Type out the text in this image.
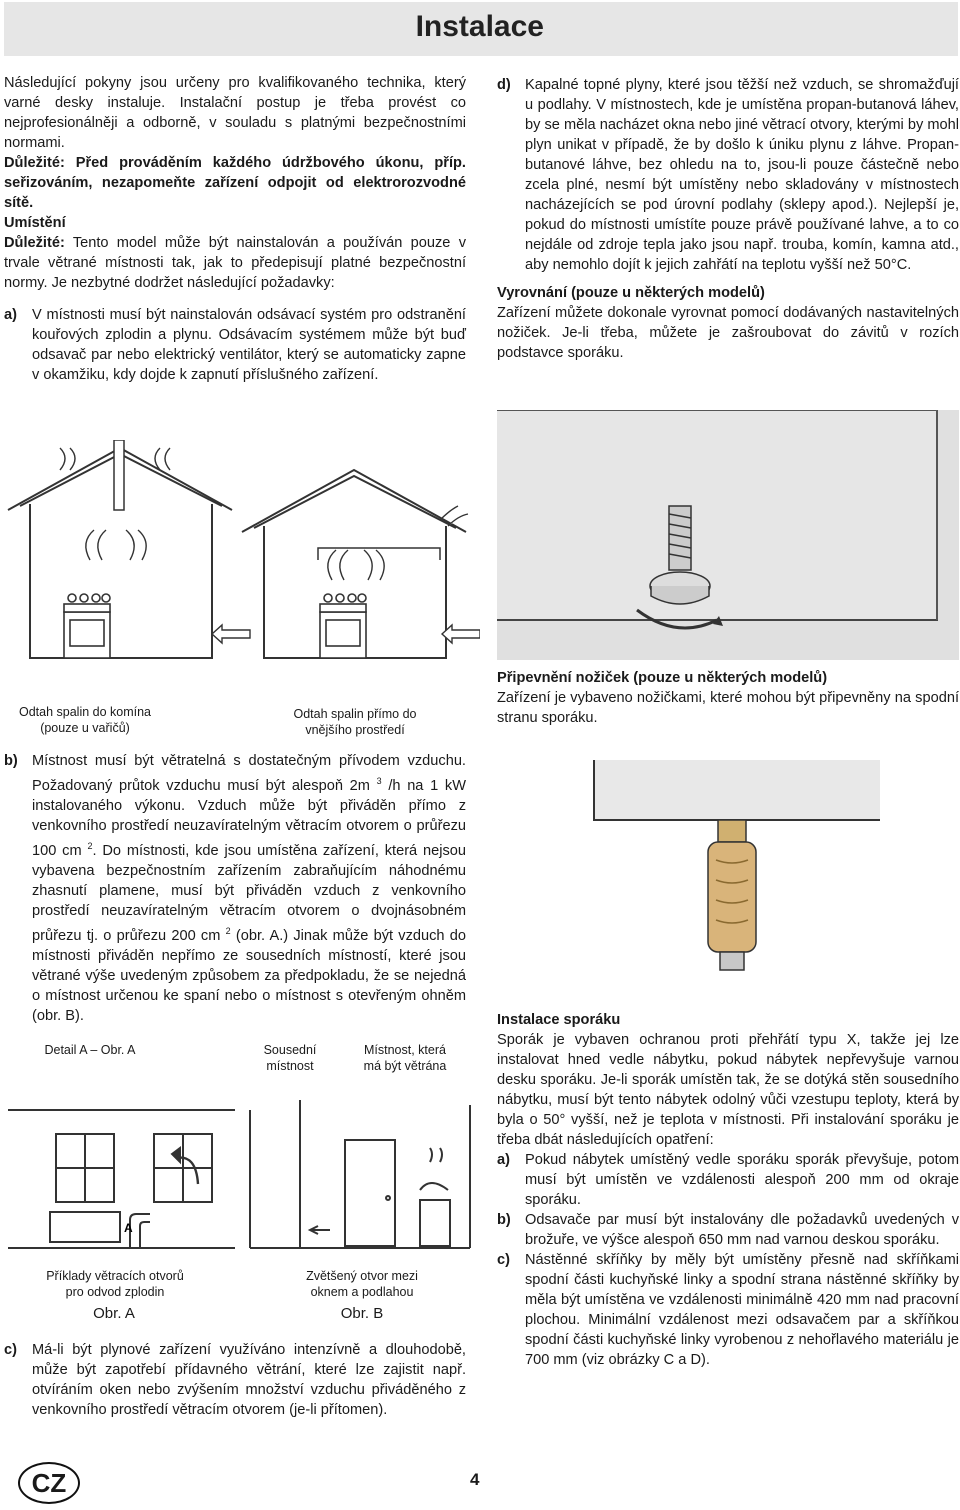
Instalace

Následující pokyny jsou určeny pro kvalifikovaného technika, který varné desky instaluje. Instalační postup je třeba provést co nejprofesionálněji a odborně, v souladu s platnými bezpečnostními normami.

Důležité: Před prováděním každého údržbového úkonu, příp. seřizováním, nezapomeňte zařízení odpojit od elektrorozvodné sítě.

Umístění

Důležité: Tento model může být nainstalován a používán pouze v trvale větrané místnosti tak, jak to předepisují platné bezpečnostní normy. Je nezbytné dodržet následující požadavky:

a) V místnosti musí být nainstalován odsávací systém pro odstranění kouřových zplodin a plynu. Odsávacím systémem může být buď odsavač par nebo elektrický ventilátor, který se automaticky zapne v okamžiku, kdy dojde k zapnutí příslušného zařízení.

Odtah spalin do komína
(pouze u vařičů)
Odtah spalin přímo do
vnějšího prostředí
b) Místnost musí být větratelná s dostatečným přívodem vzduchu. Požadovaný průtok vzduchu musí být alespoň 2m $^3$ /h na 1 kW instalovaného výkonu. Vzduch může být přiváděn přímo z venkovního prostředí neuzavíratelným větracím otvorem o průřezu 100 cm $^2$. Do místnosti, kde jsou umístěna zařízení, která nejsou vybavena bezpečnostním zařízením zabraňujícím náhodnému zhasnutí plamene, musí být přiváděn vzduch z venkovního prostředí neuzavíratelným větracím otvorem o dvojnásobném průřezu tj. o průřezu 200 cm $^2$ (obr. A.) Jinak může být vzduch do místnosti přiváděn nepřímo ze sousedních místností, které jsou větrané výše uvedeným způsobem za předpokladu, že se nejedná o místnost určenou ke spaní nebo o místnost s otevřeným ohněm (obr. B).

Detail A – Obr. A	Sousední
místnost
Místnost, která
má být větrána
A
Příklady větracích otvorů
pro odvod zplodin
Zvětšený otvor mezi
oknem a podlahou
Obr. A	Obr. B
c) Má-li být plynové zařízení využíváno intenzívně a dlouhodobě, může být zapotřebí přídavného větrání, které lze zajistit např. otvíráním oken nebo zvýšením množství vzduchu přiváděného z venkovního prostředí větracím otvorem (je-li přítomen).

d) Kapalné topné plyny, které jsou těžší než vzduch, se shromažďují u podlahy. V místnostech, kde je umístěna propan-butanová láhev, by se měla nacházet okna nebo jiné větrací otvory, kterými by mohl plyn unikat v případě, že by došlo k úniku plynu z láhve. Propan-butanové láhve, bez ohledu na to, jsou-li pouze částečně nebo zcela plné, nesmí být umístěny nebo skladovány v místnostech nacházejících se pod úrovní podlahy (sklepy apod.). Nejlepší je, pokud do místnosti umístíte pouze právě používané lahve, a to co nejdále od zdroje tepla jako jsou např. trouba, komín, kamna atd., aby nemohlo dojít k jejich zahřátí na teplotu vyšší než 50°C.

Vyrovnání (pouze u některých modelů)

Zařízení můžete dokonale vyrovnat pomocí dodávaných nastavitelných nožiček. Je-li třeba, můžete je zašroubovat do závitů v rozích podstavce sporáku.

Připevnění nožiček (pouze u některých modelů)

Zařízení je vybaveno nožičkami, které mohou být připevněny na spodní stranu sporáku.

Instalace sporáku

Sporák je vybaven ochranou proti přehřátí typu X, takže jej lze instalovat hned vedle nábytku, pokud nábytek nepřevyšuje varnou desku sporáku. Je-li sporák umístěn tak, že se dotýká stěn sousedního nábytku, musí být tento nábytek odolný vůči vzestupu teploty, která by byla o 50° vyšší, než je teplota v místnosti. Při instalování sporáku je třeba dbát následujících opatření:

a) Pokud nábytek umístěný vedle sporáku sporák převyšuje, potom musí být umístěn ve vzdálenosti alespoň 200 mm od okraje sporáku.

b) Odsavače par musí být instalovány dle požadavků uvedených v brožuře, ve výšce alespoň 650 mm nad varnou deskou sporáku.

c) Nástěnné skříňky by měly být umístěny přesně nad skříňkami spodní části kuchyňské linky a spodní strana nástěnné skříňky by měla být umístěna ve vzdálenosti minimálně 420 mm nad pracovní plochou. Minimální vzdálenost mezi odsavačem par a skříňkou spodní části kuchyňské linky vyrobenou z nehořlavého materiálu je 700 mm (viz obrázky C a D).

CZ	4
